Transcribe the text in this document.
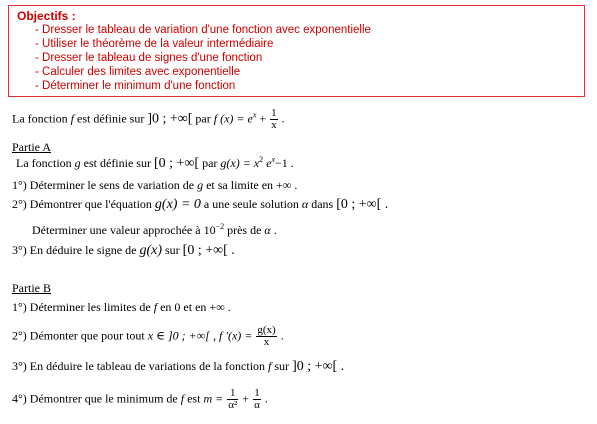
Objectifs :
- Dresser le tableau de variation d'une fonction avec exponentielle
- Utiliser le théorème de la valeur intermédiaire
- Dresser le tableau de signes d'une fonction
- Calculer des limites avec exponentielle
- Déterminer le minimum d'une fonction
La fonction f est définie sur ]0 ; +∞[ par f $(x) = e^x + \frac{1}{x}$ .
Partie A
La fonction g est définie sur [0 ; +∞[ par $g(x) = x^2$ $e^x-1$ .
1°) Déterminer le sens de variation de g et sa limite en +∞ .
2°) Démontrer que l'équation g(x) = 0 a une seule solution α dans [0 ; +∞[ .
Déterminer une valeur approchée à $10^{-2}$ près de α .
3°) En déduire le signe de g(x) sur [0 ; +∞[ .
Partie B
1°) Déterminer les limites de f en 0 et en +∞ .
2°) Démonter que pour tout x ∈ ]0 ; +∞[ , f $'(x) = \frac{g(x)}{x}$ .
3°) En déduire le tableau de variations de la fonction f sur ]0 ; +∞[ .
4°) Démontrer que le minimum de f est $m = \frac{1}{\text{α²}} + \frac{1}{\alpha}$ .
